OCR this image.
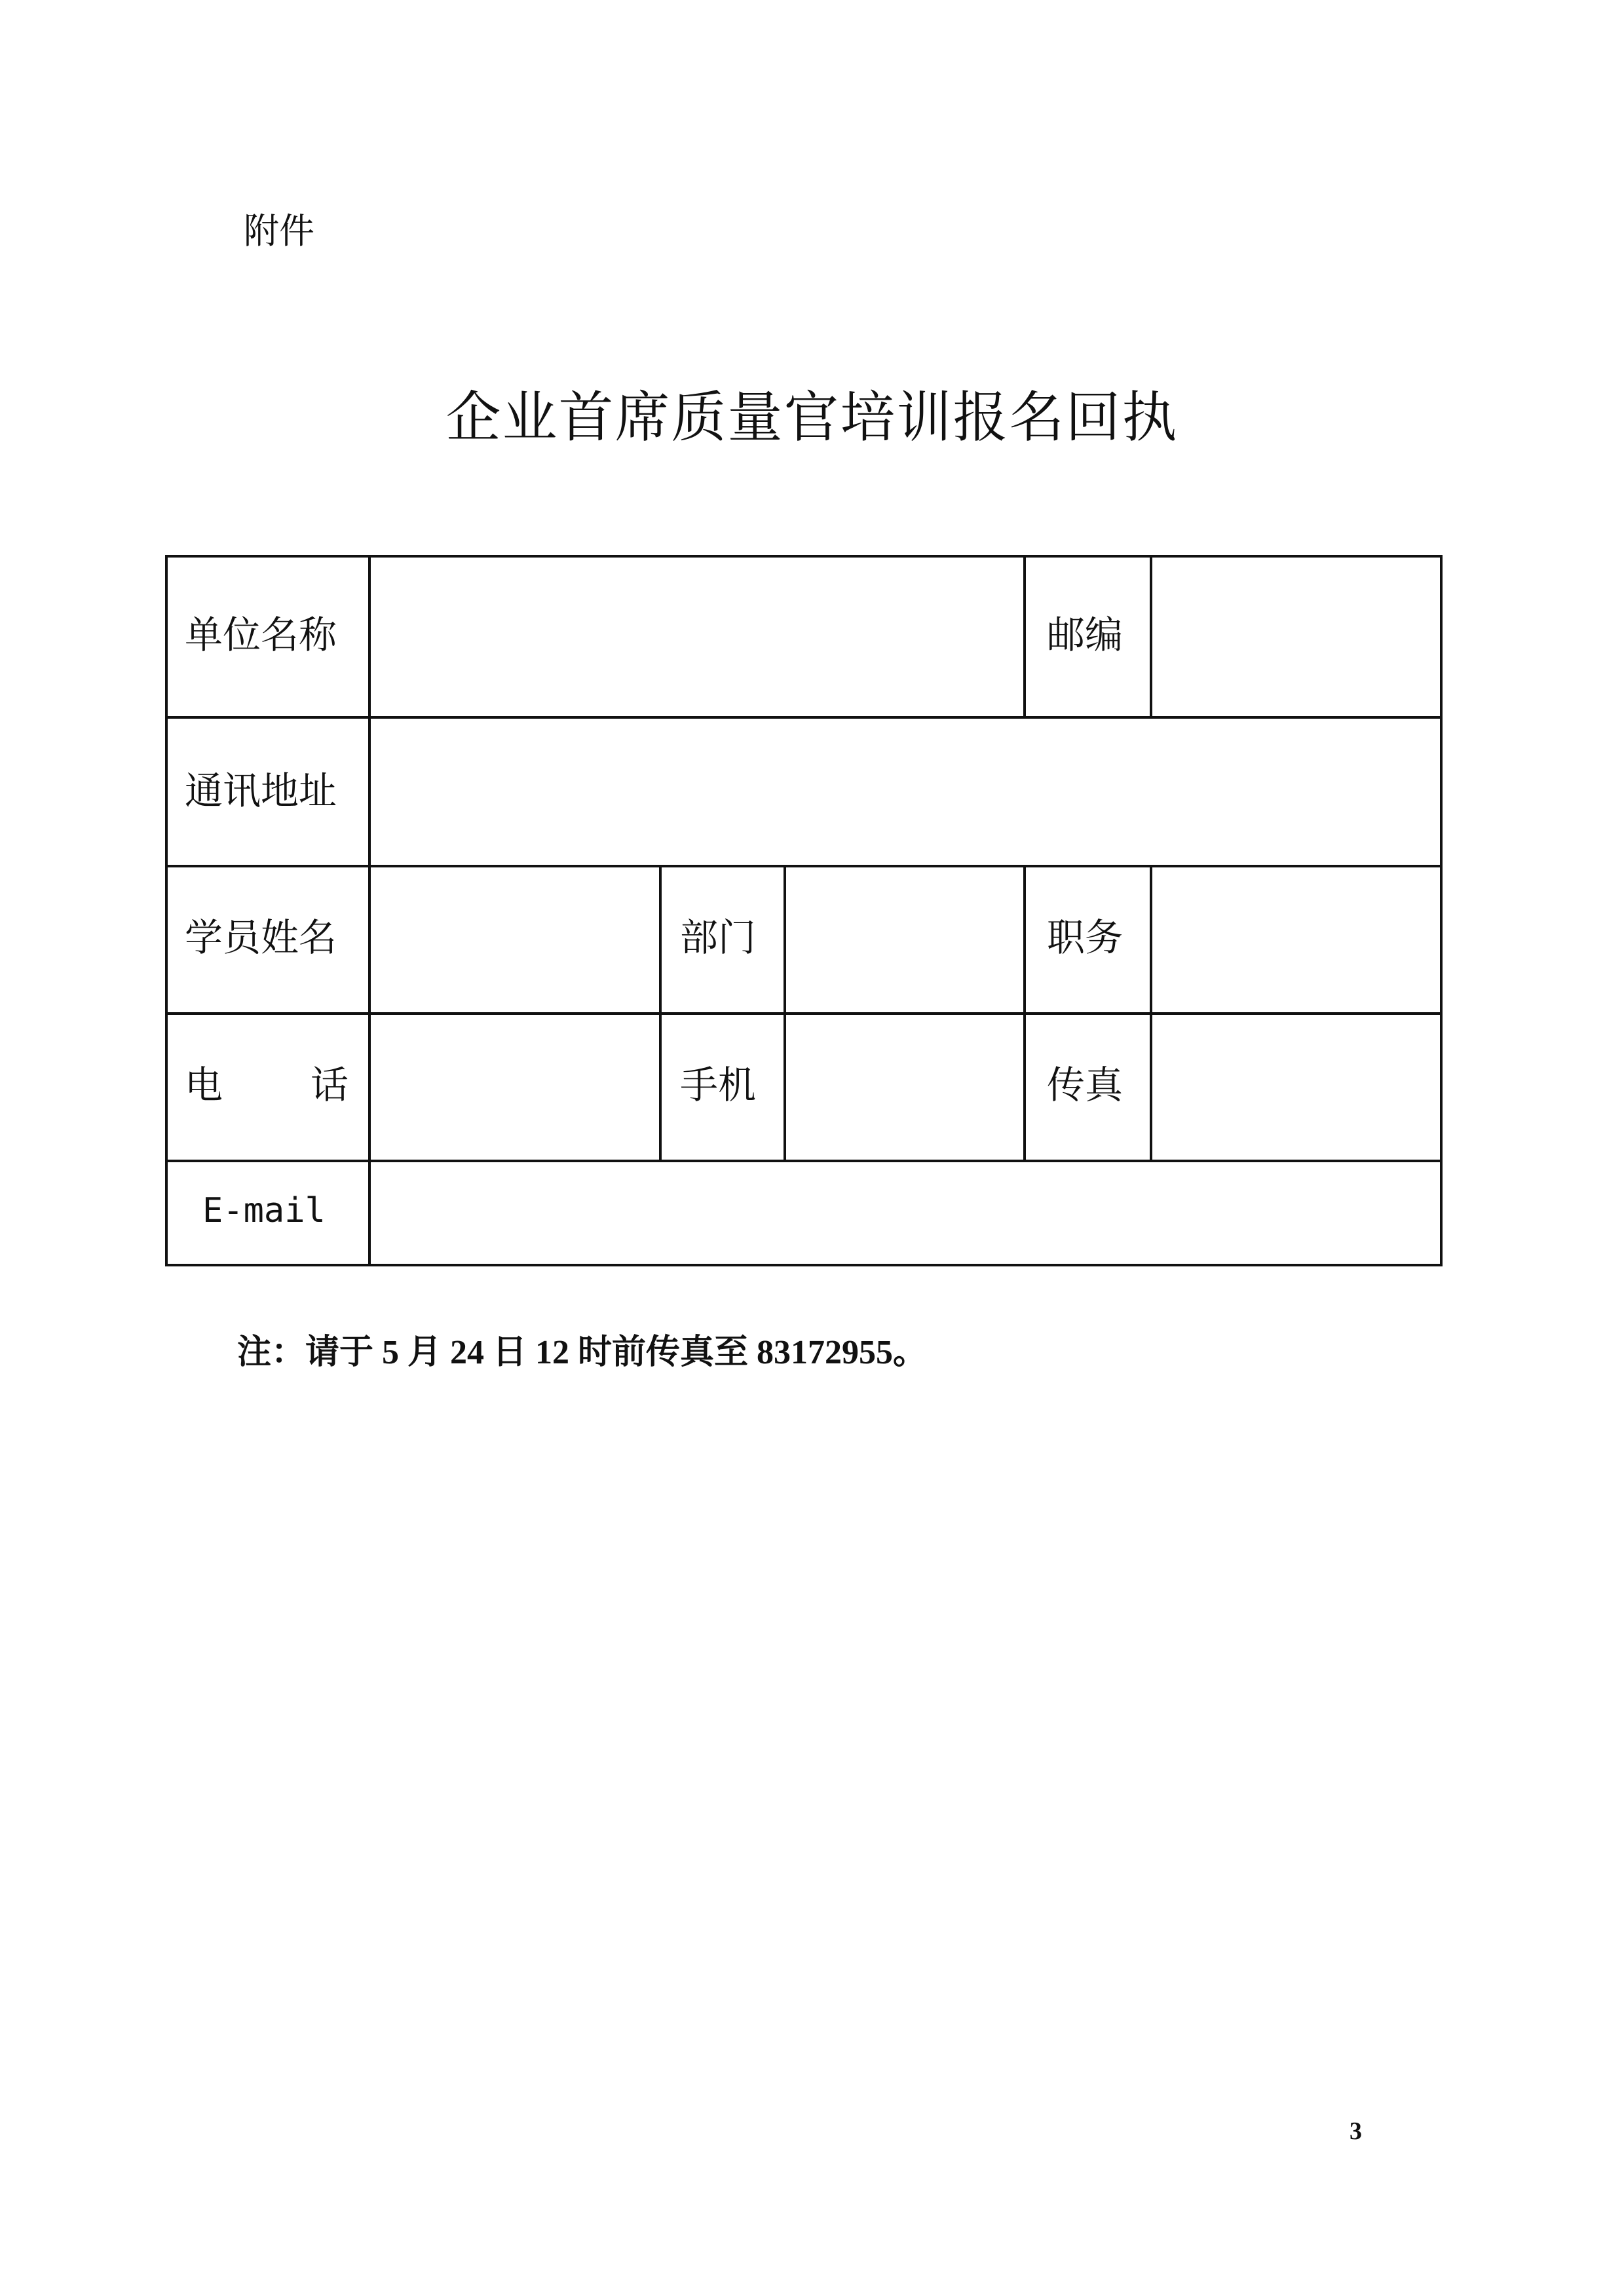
附件
企业首席质量官培训报名回执
单位名称	邮编
通讯地址
学员姓名	部门	职务
电 话	手机	传真
E-mail
注：请于 5 月 24 日 12 时前传真至 83172955。
3
